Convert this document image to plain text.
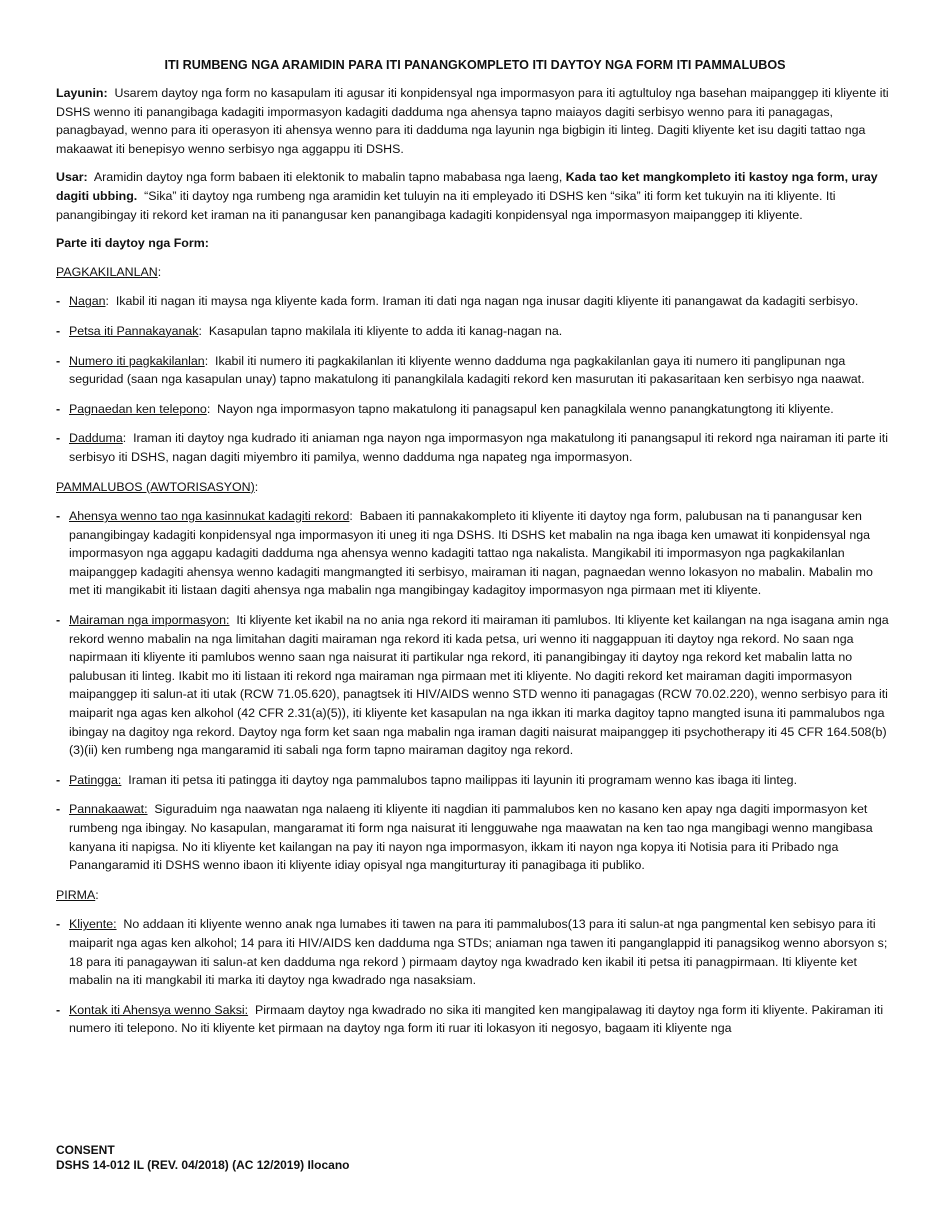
ITI RUMBENG NGA ARAMIDIN PARA ITI PANANGKOMPLETO ITI DAYTOY NGA FORM ITI PAMMALUBOS

Layunin: Usarem daytoy nga form no kasapulam iti agusar iti konpidensyal nga impormasyon para iti agtultuloy nga basehan maipanggep iti kliyente iti DSHS wenno iti panangibaga kadagiti impormasyon kadagiti dadduma nga ahensya tapno maiayos dagiti serbisyo wenno para iti panagagas, panagbayad, wenno para iti operasyon iti ahensya wenno para iti dadduma nga layunin nga bigbigin iti linteg. Dagiti kliyente ket isu dagiti tattao nga makaawat iti benepisyo wenno serbisyo nga aggappu iti DSHS.

Usar: Aramidin daytoy nga form babaen iti elektonik to mabalin tapno mababasa nga laeng, Kada tao ket mangkompleto iti kastoy nga form, uray dagiti ubbing. “Sika” iti daytoy nga rumbeng nga aramidin ket tuluyin na iti empleyado iti DSHS ken “sika” iti form ket tukuyin na iti kliyente. Iti panangibingay iti rekord ket iraman na iti panangusar ken panangibaga kadagiti konpidensyal nga impormasyon maipanggep iti kliyente.

Parte iti daytoy nga Form:

PAGKAKILANLAN:
- Nagan: Ikabil iti nagan iti maysa nga kliyente kada form. Iraman iti dati nga nagan nga inusar dagiti kliyente iti panangawat da kadagiti serbisyo.
- Petsa iti Pannakayanak: Kasapulan tapno makilala iti kliyente to adda iti kanag-nagan na.
- Numero iti pagkakilanlan: Ikabil iti numero iti pagkakilanlan iti kliyente wenno dadduma nga pagkakilanlan gaya iti numero iti panglipunan nga seguridad (saan nga kasapulan unay) tapno makatulong iti panangkilala kadagiti rekord ken masurutan iti pakasaritaan ken serbisyo nga naawat.
- Pagnaedan ken telepono: Nayon nga impormasyon tapno makatulong iti panagsapul ken panagkilala wenno panangkatungtong iti kliyente.
- Dadduma: Iraman iti daytoy nga kudrado iti aniaman nga nayon nga impormasyon nga makatulong iti panangsapul iti rekord nga nairaman iti parte iti serbisyo iti DSHS, nagan dagiti miyembro iti pamilya, wenno dadduma nga napateg nga impormasyon.
PAMMALUBOS (AWTORISASYON):
- Ahensya wenno tao nga kasinnukat kadagiti rekord: Babaen iti pannakakompleto iti kliyente iti daytoy nga form, palubusan na ti panangusar ken panangibingay kadagiti konpidensyal nga impormasyon iti uneg iti nga DSHS. Iti DSHS ket mabalin na nga ibaga ken umawat iti konpidensyal nga impormasyon nga aggapu kadagiti dadduma nga ahensya wenno kadagiti tattao nga nakalista. Mangikabil iti impormasyon nga pagkakilanlan maipanggep kadagiti ahensya wenno kadagiti mangmangted iti serbisyo, mairaman iti nagan, pagnaedan wenno lokasyon no mabalin. Mabalin mo met iti mangikabit iti listaan dagiti ahensya nga mabalin nga mangibingay kadagitoy impormasyon nga pirmaan met iti kliyente.
- Mairaman nga impormasyon: Iti kliyente ket ikabil na no ania nga rekord iti mairaman iti pamlubos. Iti kliyente ket kailangan na nga isagana amin nga rekord wenno mabalin na nga limitahan dagiti mairaman nga rekord iti kada petsa, uri wenno iti naggappuan iti daytoy nga rekord. No saan nga napirmaan iti kliyente iti pamlubos wenno saan nga naisurat iti partikular nga rekord, iti panangibingay iti daytoy nga rekord ket mabalin latta no palubusan iti linteg. Ikabit mo iti listaan iti rekord nga mairaman nga pirmaan met iti kliyente. No dagiti rekord ket mairaman dagiti impormasyon maipanggep iti salun-at iti utak (RCW 71.05.620), panagtsek iti HIV/AIDS wenno STD wenno iti panagagas (RCW 70.02.220), wenno serbisyo para iti maiparit nga agas ken alkohol (42 CFR 2.31(a)(5)), iti kliyente ket kasapulan na nga ikkan iti marka dagitoy tapno mangted isuna iti pammalubos nga ibingay na dagitoy nga rekord. Daytoy nga form ket saan nga mabalin nga iraman dagiti naisurat maipanggep iti psychotherapy iti 45 CFR 164.508(b)(3)(ii) ken rumbeng nga mangaramid iti sabali nga form tapno mairaman dagitoy nga rekord.
- Patingga: Iraman iti petsa iti patingga iti daytoy nga pammalubos tapno mailippas iti layunin iti programam wenno kas ibaga iti linteg.
- Pannakaawat: Siguraduim nga naawatan nga nalaeng iti kliyente iti nagdian iti pammalubos ken no kasano ken apay nga dagiti impormasyon ket rumbeng nga ibingay. No kasapulan, mangaramat iti form nga naisurat iti lengguwahe nga maawatan na ken tao nga mangibagi wenno mangibasa kanyana iti napigsa. No iti kliyente ket kailangan na pay iti nayon nga impormasyon, ikkam iti nayon nga kopya iti Notisia para iti Pribado nga Panangaramid iti DSHS wenno ibaon iti kliyente idiay opisyal nga mangiturturay iti panagibaga iti publiko.
PIRMA:
- Kliyente: No addaan iti kliyente wenno anak nga lumabes iti tawen na para iti pammalubos(13 para iti salun-at nga pangmental ken sebisyo para iti maiparit nga agas ken alkohol; 14 para iti HIV/AIDS ken dadduma nga STDs; aniaman nga tawen iti panganglappid iti panagsikog wenno aborsyon s; 18 para iti panagaywan iti salun-at ken dadduma nga rekord ) pirmaam daytoy nga kwadrado ken ikabil iti petsa iti panagpirmaan. Iti kliyente ket mabalin na iti mangkabil iti marka iti daytoy nga kwadrado nga nasaksiam.
- Kontak iti Ahensya wenno Saksi: Pirmaam daytoy nga kwadrado no sika iti mangited ken mangipalawag iti daytoy nga form iti kliyente. Pakiraman iti numero iti telepono. No iti kliyente ket pirmaan na daytoy nga form iti ruar iti lokasyon iti negosyo, bagaam iti kliyente nga
CONSENT
DSHS 14-012 IL (REV. 04/2018) (AC 12/2019) Ilocano
